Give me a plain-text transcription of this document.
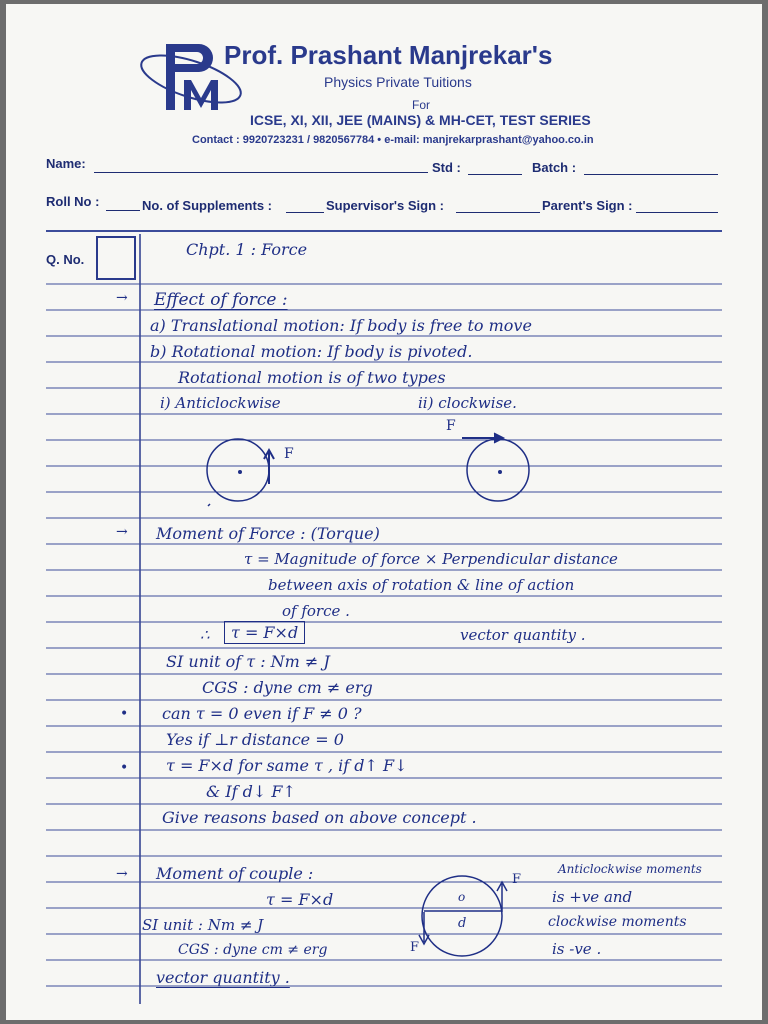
Prof. Prashant Manjrekar's
Physics Private Tuitions
For
ICSE, XI, XII, JEE (MAINS) & MH-CET, TEST SERIES
Contact : 9920723231 / 9820567784 • e-mail: manjrekarprashant@yahoo.co.in
Name:	Std :	Batch :
Roll No :	No. of Supplements :	Supervisor's Sign :	Parent's Sign :
Q. No.
Chpt. 1 : Force
→ Effect of force :
a) Translational motion: If body is free to move
b) Rotational motion: If body is pivoted.
Rotational motion is of two types
i) Anticlockwise	ii) clockwise.
F
F
→ Moment of Force : (Torque)
τ = Magnitude of force × Perpendicular distance
between axis of rotation & line of action
of force .
∴	τ = F×d	vector quantity .
SI unit of τ : Nm ≠ J
CGS : dyne cm ≠ erg
• can τ = 0 even if F ≠ 0 ?
Yes if ⊥r distance = 0
• τ = F×d for same τ , if d↑ F↓
& If d↓ F↑
Give reasons based on above concept .
→ Moment of couple :
τ = F×d
SI unit : Nm ≠ J
CGS : dyne cm ≠ erg
vector quantity .
o
d
F
F
Anticlockwise moments
is +ve and
clockwise moments
is -ve .
